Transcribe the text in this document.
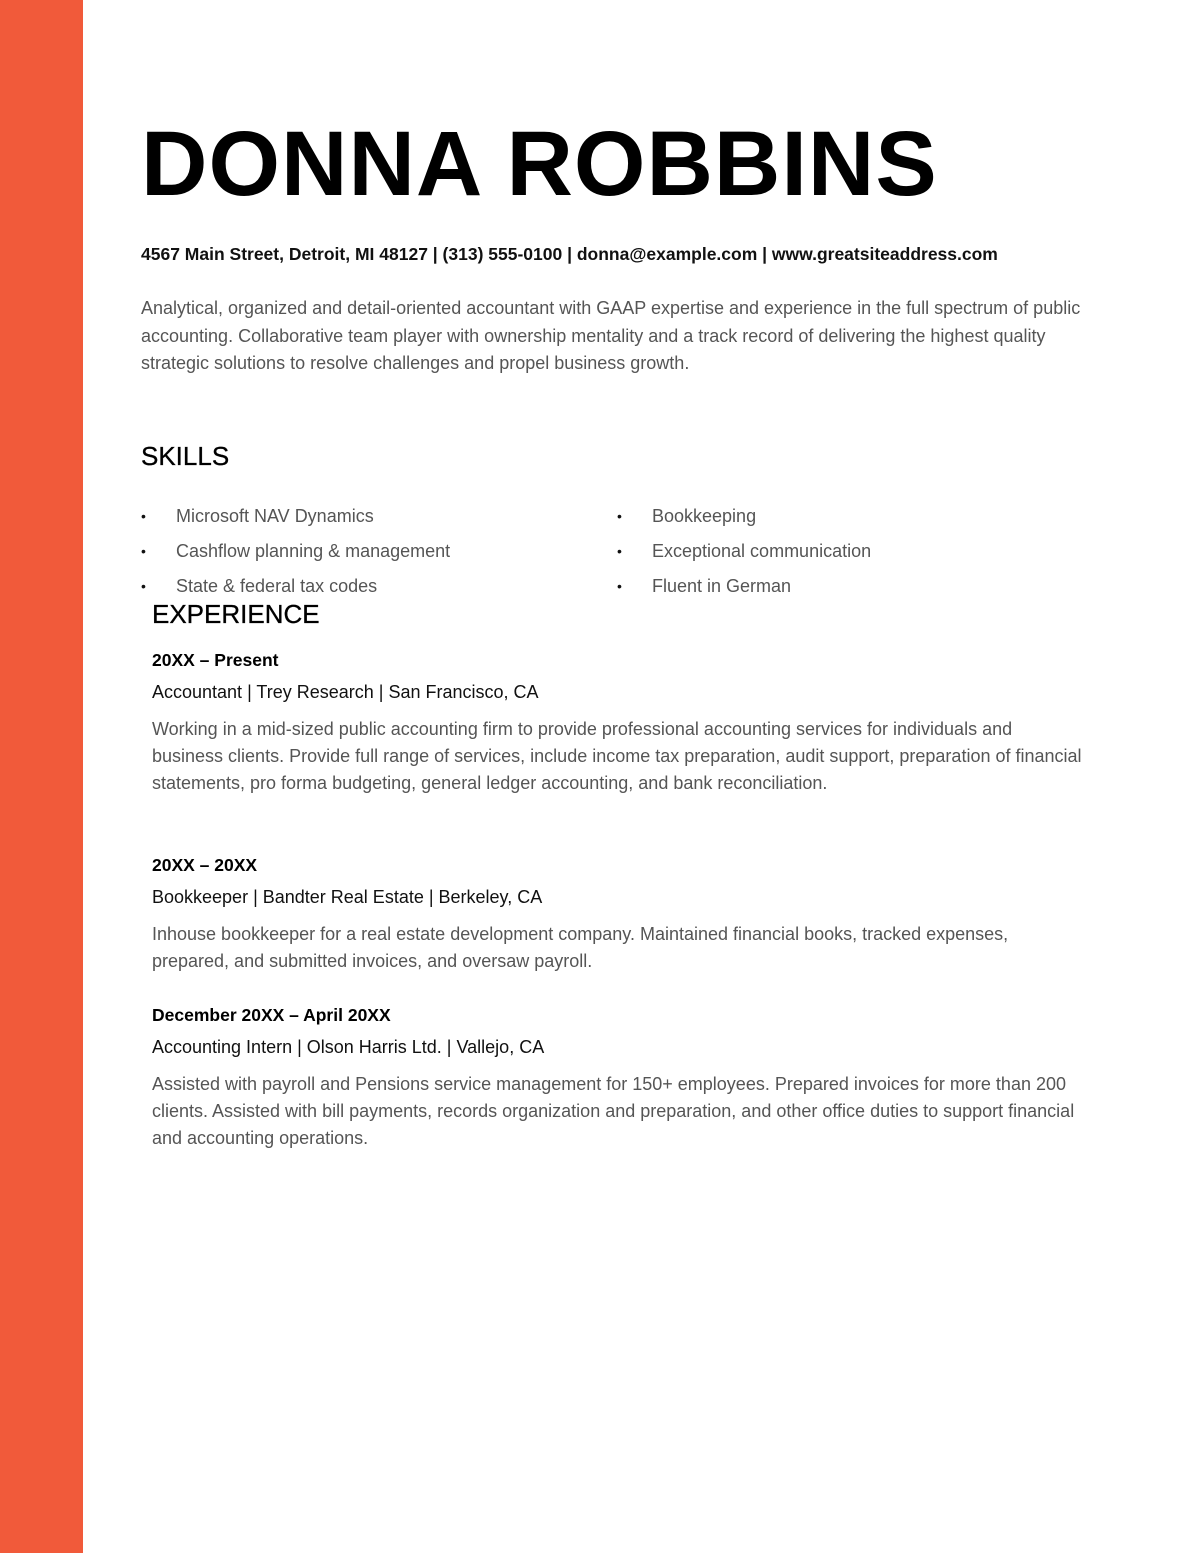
DONNA ROBBINS
4567 Main Street, Detroit, MI 48127 | (313) 555-0100 | donna@example.com | www.greatsiteaddress.com

Analytical, organized and detail-oriented accountant with GAAP expertise and experience in the full spectrum of public accounting. Collaborative team player with ownership mentality and a track record of delivering the highest quality strategic solutions to resolve challenges and propel business growth.

SKILLS
• Microsoft NAV Dynamics
• Cashflow planning & management
• State & federal tax codes
• Bookkeeping
• Exceptional communication
• Fluent in German
EXPERIENCE
20XX – Present
Accountant | Trey Research | San Francisco, CA

Working in a mid-sized public accounting firm to provide professional accounting services for individuals and business clients. Provide full range of services, include income tax preparation, audit support, preparation of financial statements, pro forma budgeting, general ledger accounting, and bank reconciliation.

20XX – 20XX
Bookkeeper | Bandter Real Estate | Berkeley, CA

Inhouse bookkeeper for a real estate development company. Maintained financial books, tracked expenses, prepared, and submitted invoices, and oversaw payroll.

December 20XX – April 20XX
Accounting Intern | Olson Harris Ltd. | Vallejo, CA

Assisted with payroll and Pensions service management for 150+ employees. Prepared invoices for more than 200 clients. Assisted with bill payments, records organization and preparation, and other office duties to support financial and accounting operations.
